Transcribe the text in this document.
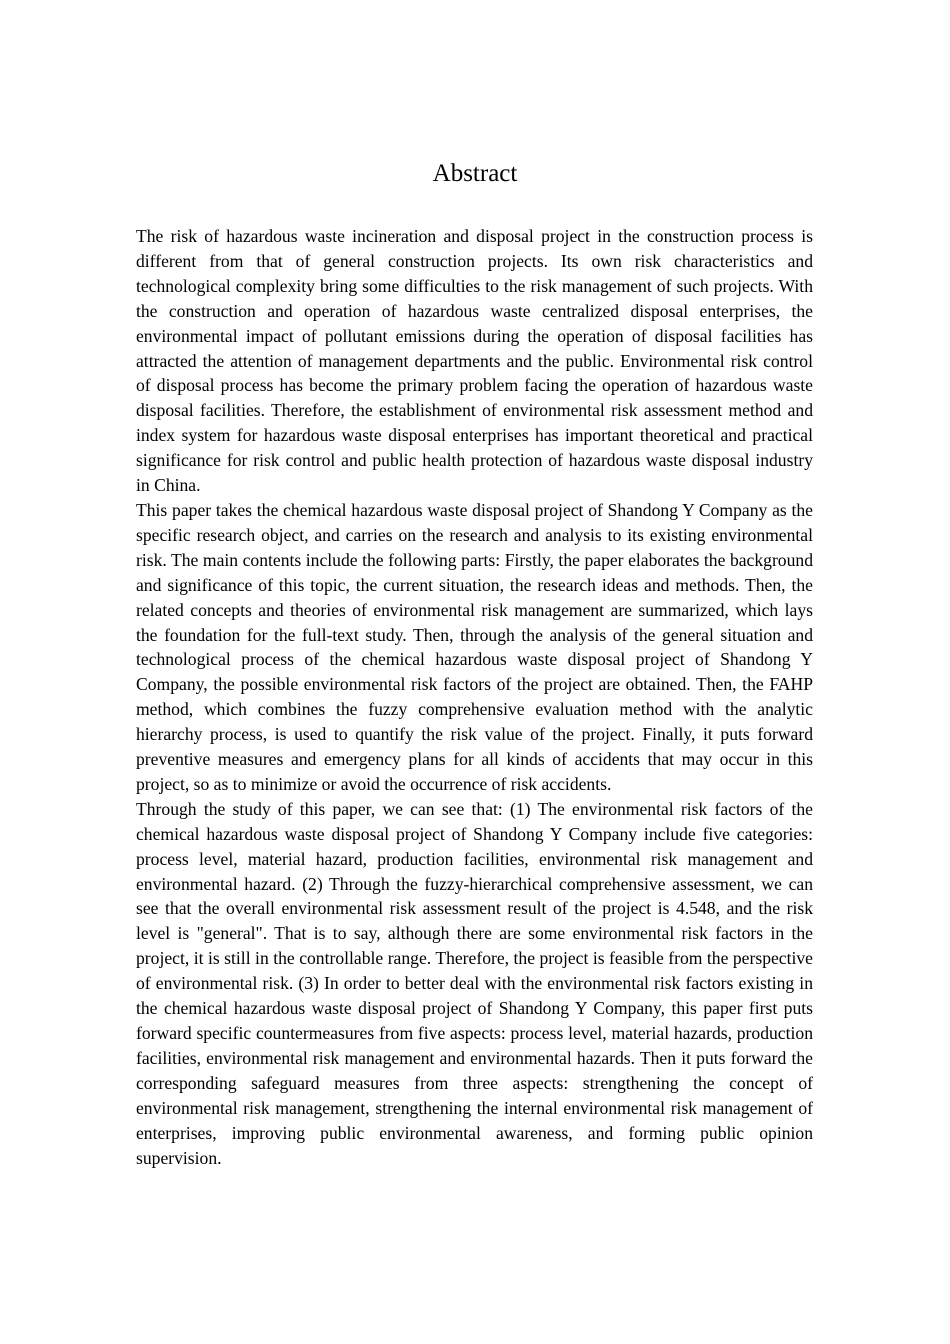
Abstract

The risk of hazardous waste incineration and disposal project in the construction process is different from that of general construction projects. Its own risk characteristics and technological complexity bring some difficulties to the risk management of such projects. With the construction and operation of hazardous waste centralized disposal enterprises, the environmental impact of pollutant emissions during the operation of disposal facilities has attracted the attention of management departments and the public. Environmental risk control of disposal process has become the primary problem facing the operation of hazardous waste disposal facilities. Therefore, the establishment of environmental risk assessment method and index system for hazardous waste disposal enterprises has important theoretical and practical significance for risk control and public health protection of hazardous waste disposal industry in China.

This paper takes the chemical hazardous waste disposal project of Shandong Y Company as the specific research object, and carries on the research and analysis to its existing environmental risk. The main contents include the following parts: Firstly, the paper elaborates the background and significance of this topic, the current situation, the research ideas and methods. Then, the related concepts and theories of environmental risk management are summarized, which lays the foundation for the full-text study. Then, through the analysis of the general situation and technological process of the chemical hazardous waste disposal project of Shandong Y Company, the possible environmental risk factors of the project are obtained. Then, the FAHP method, which combines the fuzzy comprehensive evaluation method with the analytic hierarchy process, is used to quantify the risk value of the project. Finally, it puts forward preventive measures and emergency plans for all kinds of accidents that may occur in this project, so as to minimize or avoid the occurrence of risk accidents.

Through the study of this paper, we can see that: (1) The environmental risk factors of the chemical hazardous waste disposal project of Shandong Y Company include five categories: process level, material hazard, production facilities, environmental risk management and environmental hazard. (2) Through the fuzzy-hierarchical comprehensive assessment, we can see that the overall environmental risk assessment result of the project is 4.548, and the risk level is "general". That is to say, although there are some environmental risk factors in the project, it is still in the controllable range. Therefore, the project is feasible from the perspective of environmental risk. (3) In order to better deal with the environmental risk factors existing in the chemical hazardous waste disposal project of Shandong Y Company, this paper first puts forward specific countermeasures from five aspects: process level, material hazards, production facilities, environmental risk management and environmental hazards. Then it puts forward the corresponding safeguard measures from three aspects: strengthening the concept of environmental risk management, strengthening the internal environmental risk management of enterprises, improving public environmental awareness, and forming public opinion supervision.
